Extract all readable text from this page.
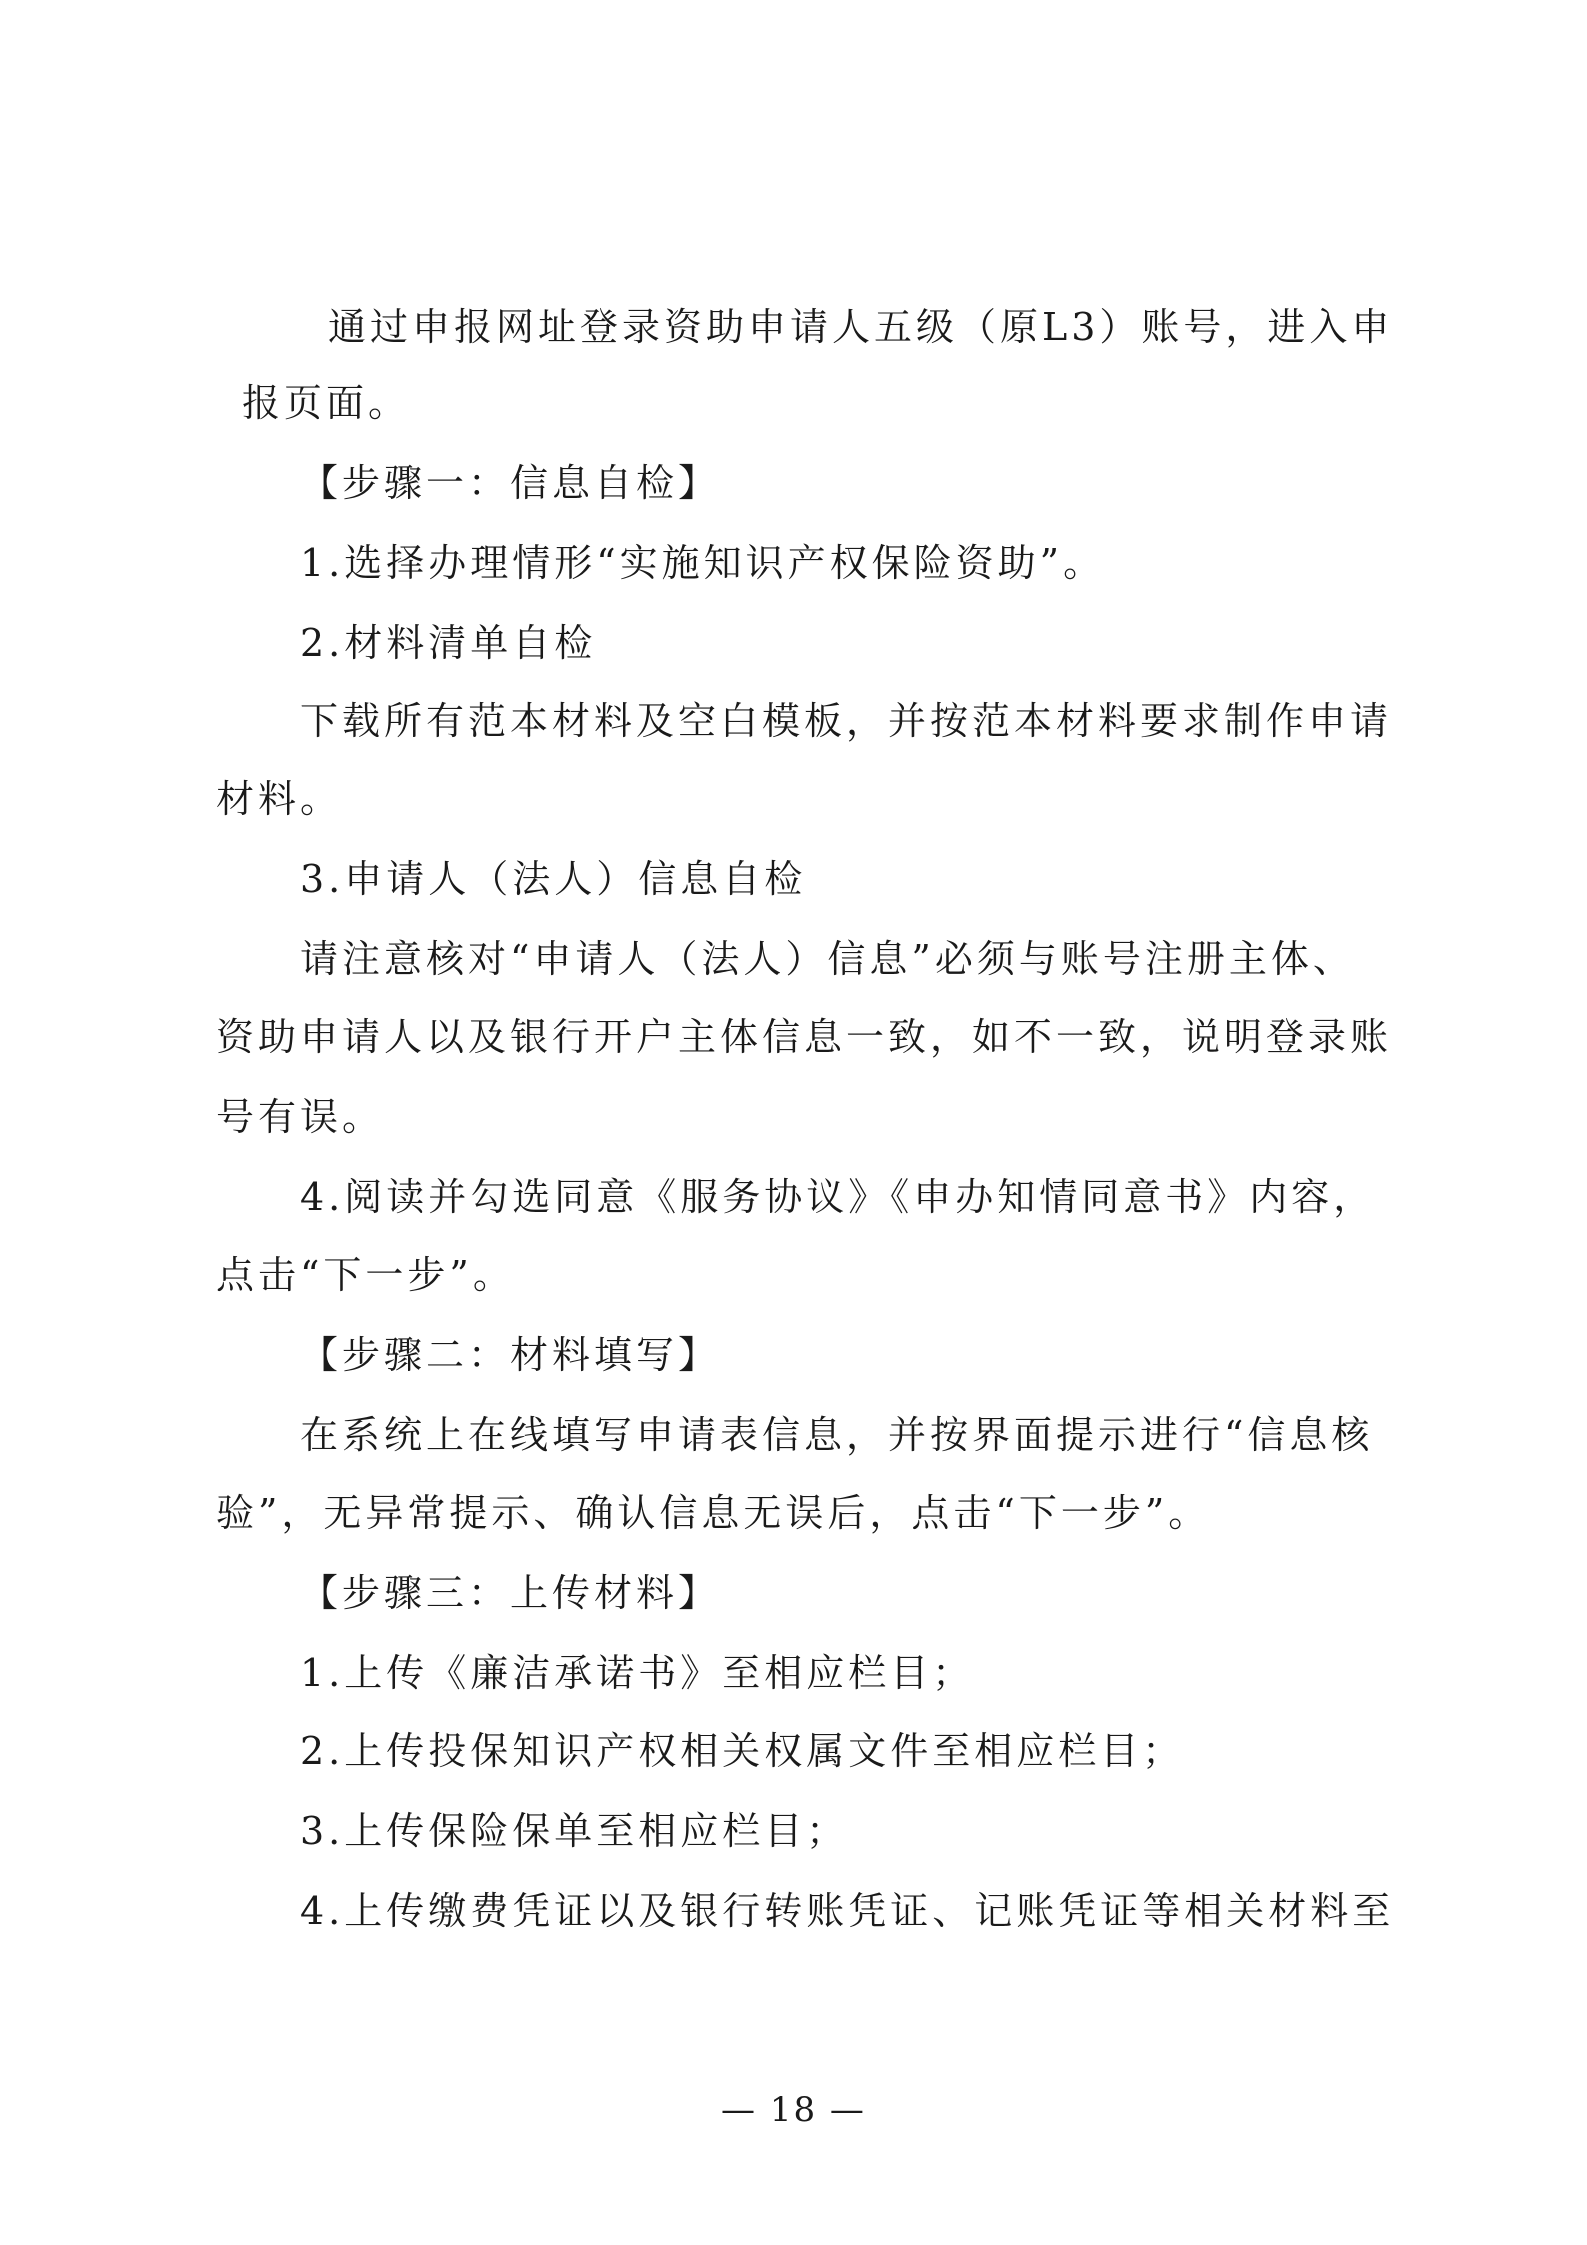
通过申报网址登录资助申请人五级（原L3）账号，进入申
报页面。
【步骤一：信息自检】
1.选择办理情形“实施知识产权保险资助”。
2.材料清单自检
下载所有范本材料及空白模板，并按范本材料要求制作申请
材料。
3.申请人（法人）信息自检
请注意核对“申请人（法人）信息”必须与账号注册主体、
资助申请人以及银行开户主体信息一致，如不一致，说明登录账
号有误。
4.阅读并勾选同意《服务协议》《申办知情同意书》内容，
点击“下一步”。
【步骤二：材料填写】
在系统上在线填写申请表信息，并按界面提示进行“信息核
验”，无异常提示、确认信息无误后，点击“下一步”。
【步骤三：上传材料】
1.上传《廉洁承诺书》至相应栏目；
2.上传投保知识产权相关权属文件至相应栏目；
3.上传保险保单至相应栏目；
4.上传缴费凭证以及银行转账凭证、记账凭证等相关材料至
— 18 —
